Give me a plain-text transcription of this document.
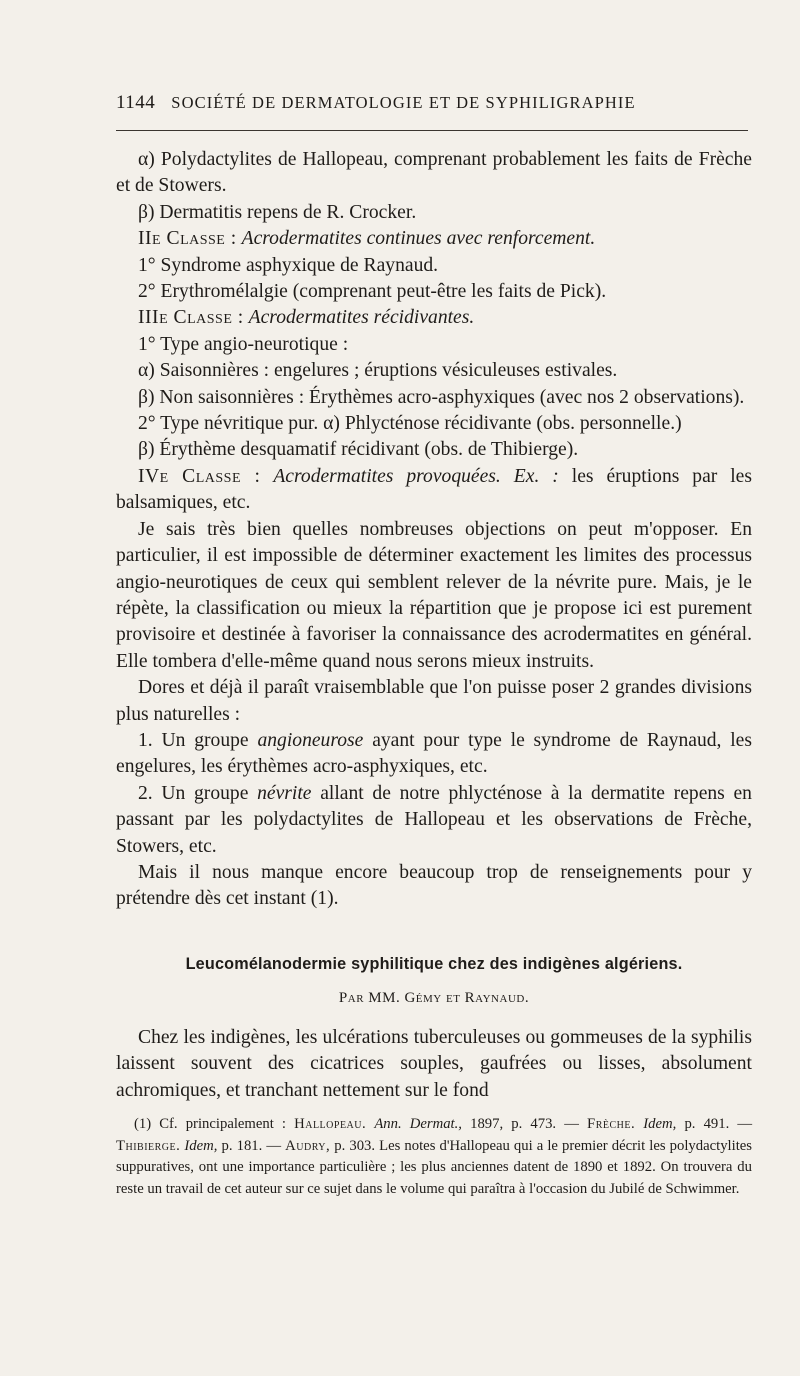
1144 SOCIÉTÉ DE DERMATOLOGIE ET DE SYPHILIGRAPHIE

α) Polydactylites de Hallopeau, comprenant probablement les faits de Frèche et de Stowers.

β) Dermatitis repens de R. Crocker.

IIe Classe : Acrodermatites continues avec renforcement.

1° Syndrome asphyxique de Raynaud.

2° Erythromélalgie (comprenant peut-être les faits de Pick).

IIIe Classe : Acrodermatites récidivantes.

1° Type angio-neurotique :

α) Saisonnières : engelures ; éruptions vésiculeuses estivales.

β) Non saisonnières : Érythèmes acro-asphyxiques (avec nos 2 observations).

2° Type névritique pur. α) Phlycténose récidivante (obs. personnelle.)

β) Érythème desquamatif récidivant (obs. de Thibierge).

IVe Classe : Acrodermatites provoquées. Ex. : les éruptions par les balsamiques, etc.

Je sais très bien quelles nombreuses objections on peut m'opposer. En particulier, il est impossible de déterminer exactement les limites des processus angio-neurotiques de ceux qui semblent relever de la névrite pure. Mais, je le répète, la classification ou mieux la répartition que je propose ici est purement provisoire et destinée à favoriser la connaissance des acrodermatites en général. Elle tombera d'elle-même quand nous serons mieux instruits.

Dores et déjà il paraît vraisemblable que l'on puisse poser 2 grandes divisions plus naturelles :

1. Un groupe angioneurose ayant pour type le syndrome de Raynaud, les engelures, les érythèmes acro-asphyxiques, etc.

2. Un groupe névrite allant de notre phlycténose à la dermatite repens en passant par les polydactylites de Hallopeau et les observations de Frèche, Stowers, etc.

Mais il nous manque encore beaucoup trop de renseignements pour y prétendre dès cet instant (1).

Leucomélanodermie syphilitique chez des indigènes algériens.
Par MM. Gémy et Raynaud.

Chez les indigènes, les ulcérations tuberculeuses ou gommeuses de la syphilis laissent souvent des cicatrices souples, gaufrées ou lisses, absolument achromiques, et tranchant nettement sur le fond

(1) Cf. principalement : Hallopeau. Ann. Dermat., 1897, p. 473. — Frèche. Idem, p. 491. — Thibierge. Idem, p. 181. — Audry, p. 303. Les notes d'Hallopeau qui a le premier décrit les polydactylites suppuratives, ont une importance particulière ; les plus anciennes datent de 1890 et 1892. On trouvera du reste un travail de cet auteur sur ce sujet dans le volume qui paraîtra à l'occasion du Jubilé de Schwimmer.
